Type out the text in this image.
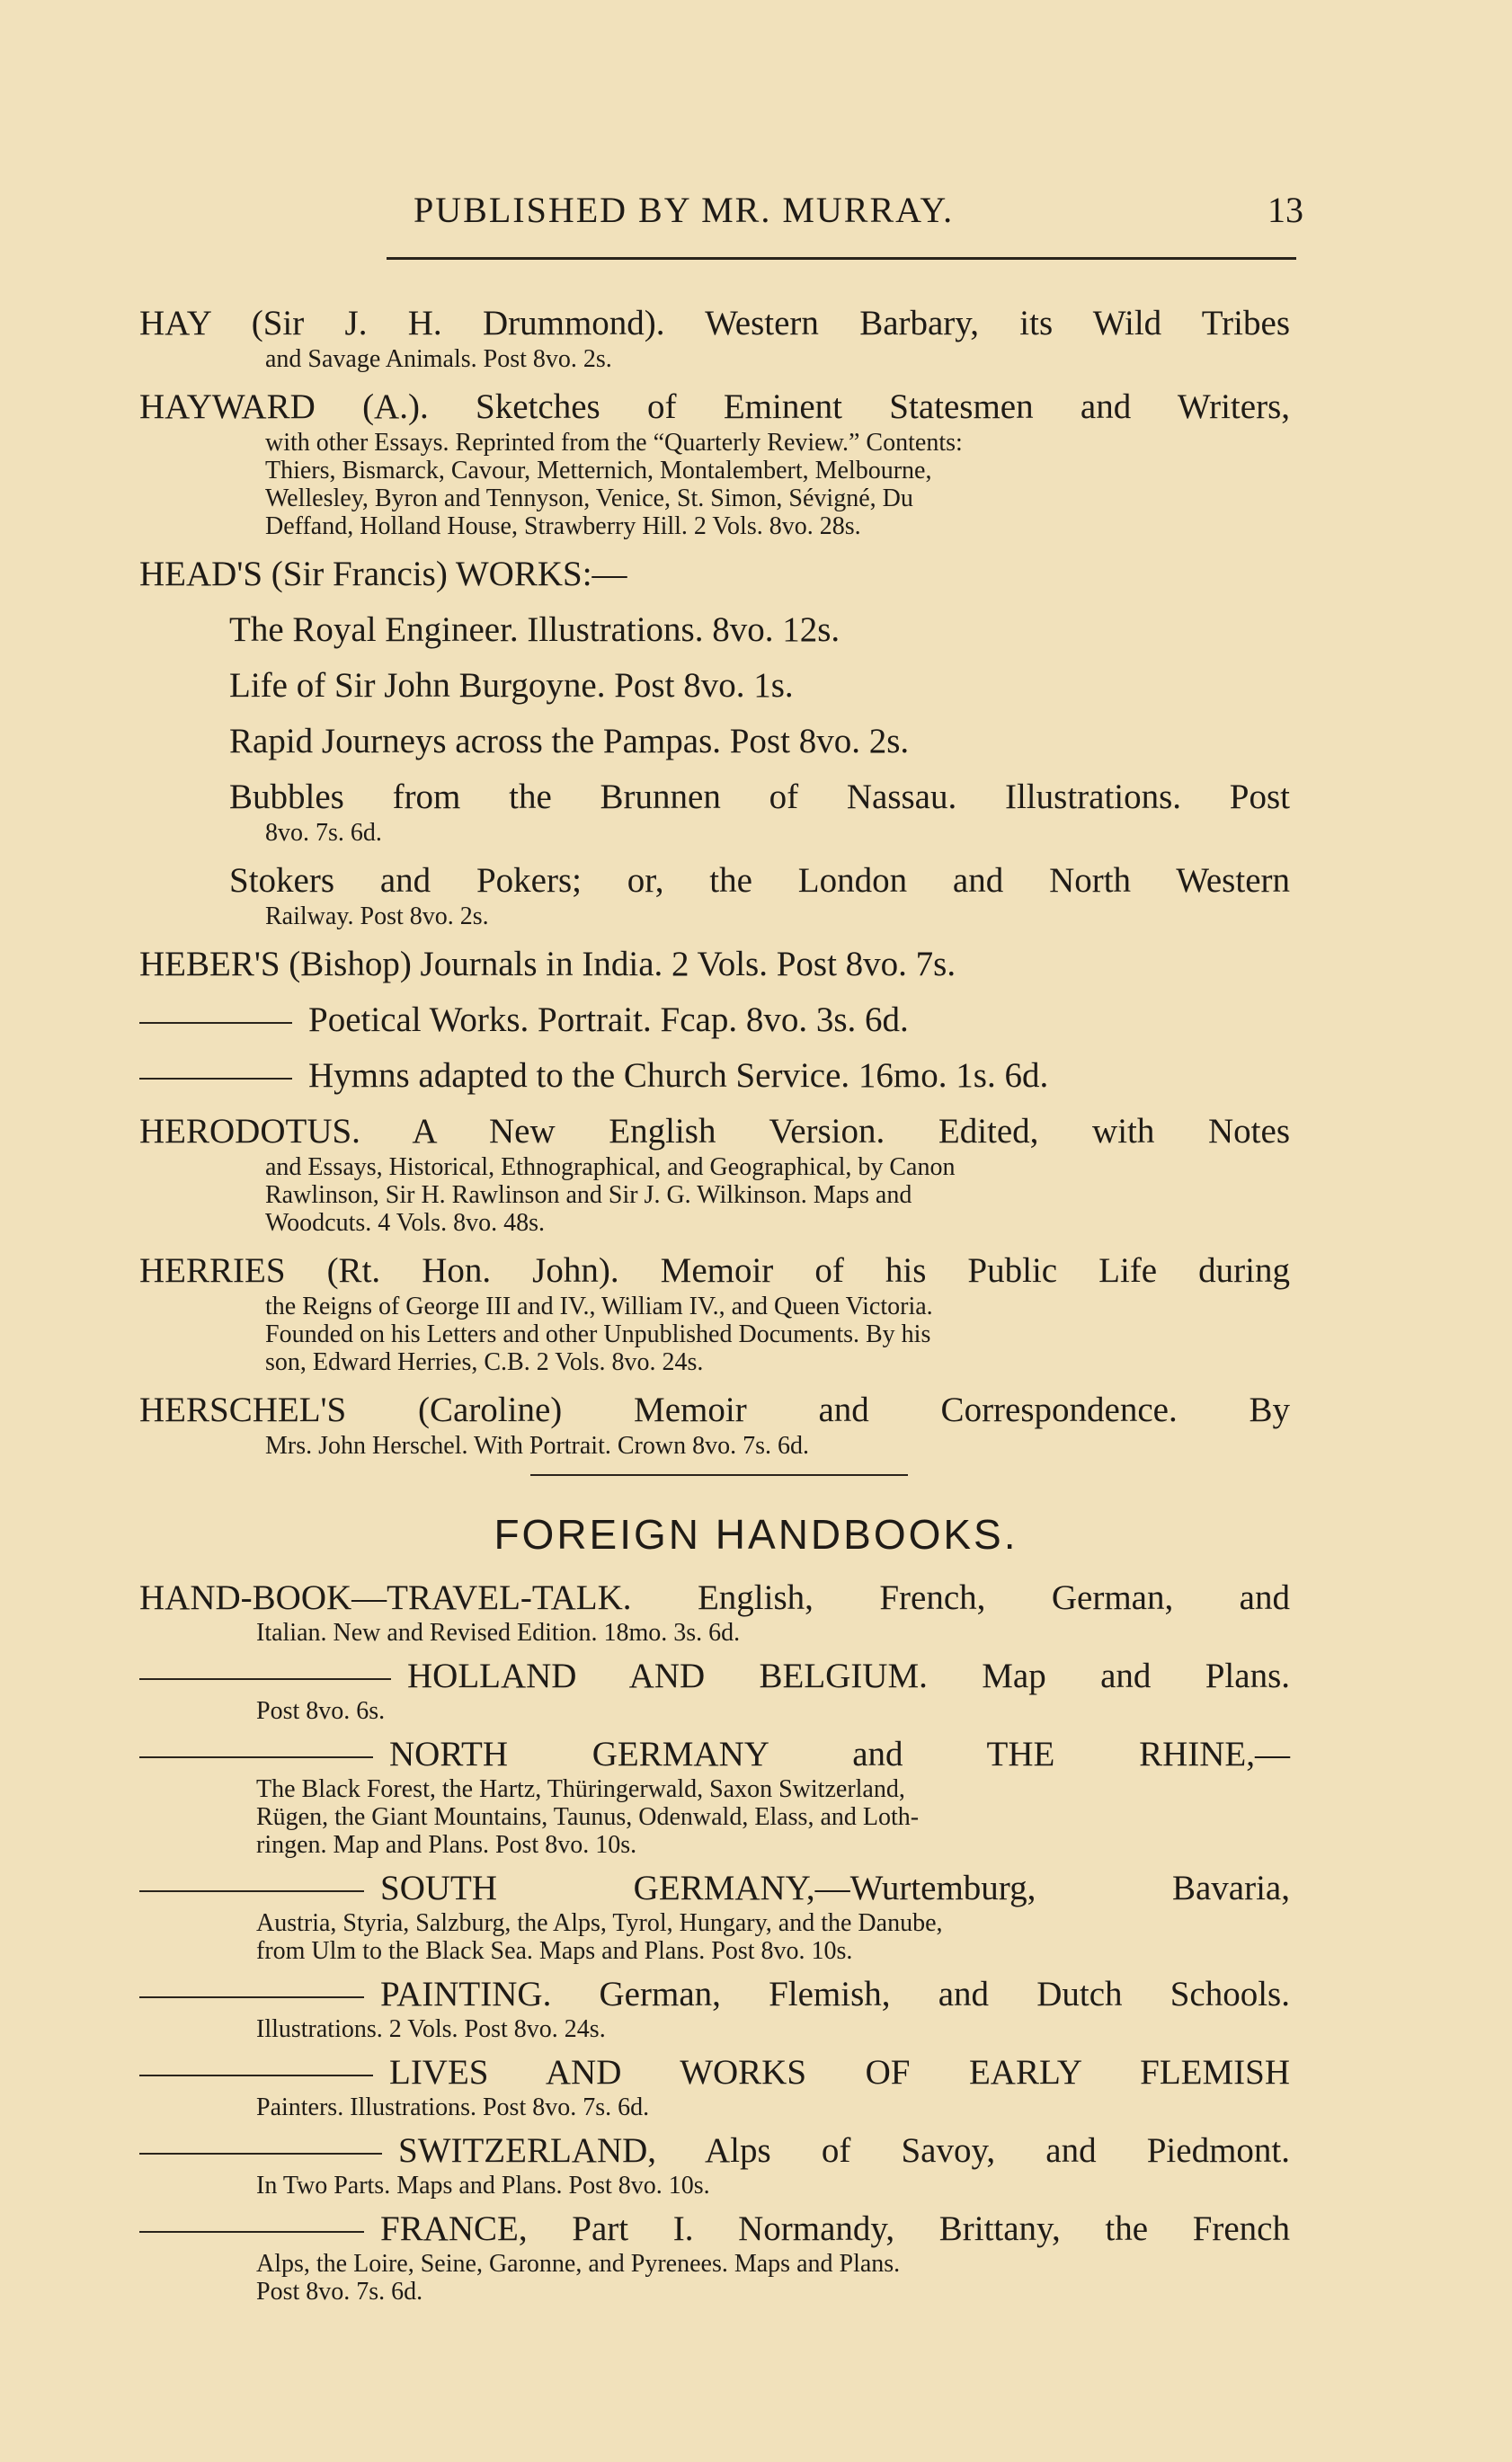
PUBLISHED BY MR. MURRAY.	13
HAY (Sir J. H. Drummond). Western Barbary, its Wild Tribes
and Savage Animals. Post 8vo. 2s.
HAYWARD (A.). Sketches of Eminent Statesmen and Writers,
with other Essays. Reprinted from the “Quarterly Review.” Contents:
Thiers, Bismarck, Cavour, Metternich, Montalembert, Melbourne,
Wellesley, Byron and Tennyson, Venice, St. Simon, Sévigné, Du
Deffand, Holland House, Strawberry Hill. 2 Vols. 8vo. 28s.
HEAD'S (Sir Francis) WORKS:—
The Royal Engineer. Illustrations. 8vo. 12s.
Life of Sir John Burgoyne. Post 8vo. 1s.
Rapid Journeys across the Pampas. Post 8vo. 2s.
Bubbles from the Brunnen of Nassau. Illustrations. Post
8vo. 7s. 6d.
Stokers and Pokers; or, the London and North Western
Railway. Post 8vo. 2s.
HEBER'S (Bishop) Journals in India. 2 Vols. Post 8vo. 7s.
Poetical Works. Portrait. Fcap. 8vo. 3s. 6d.
Hymns adapted to the Church Service. 16mo. 1s. 6d.
HERODOTUS. A New English Version. Edited, with Notes
and Essays, Historical, Ethnographical, and Geographical, by Canon
Rawlinson, Sir H. Rawlinson and Sir J. G. Wilkinson. Maps and
Woodcuts. 4 Vols. 8vo. 48s.
HERRIES (Rt. Hon. John). Memoir of his Public Life during
the Reigns of George III and IV., William IV., and Queen Victoria.
Founded on his Letters and other Unpublished Documents. By his
son, Edward Herries, C.B. 2 Vols. 8vo. 24s.
HERSCHEL'S (Caroline) Memoir and Correspondence. By
Mrs. John Herschel. With Portrait. Crown 8vo. 7s. 6d.
FOREIGN HANDBOOKS.
HAND-BOOK—TRAVEL-TALK. English, French, German, and
Italian. New and Revised Edition. 18mo. 3s. 6d.
HOLLAND AND BELGIUM. Map and Plans.
Post 8vo. 6s.
NORTH GERMANY and THE RHINE,—
The Black Forest, the Hartz, Thüringerwald, Saxon Switzerland,
Rügen, the Giant Mountains, Taunus, Odenwald, Elass, and Loth-
ringen. Map and Plans. Post 8vo. 10s.
SOUTH GERMANY,—Wurtemburg, Bavaria,
Austria, Styria, Salzburg, the Alps, Tyrol, Hungary, and the Danube,
from Ulm to the Black Sea. Maps and Plans. Post 8vo. 10s.
PAINTING. German, Flemish, and Dutch Schools.
Illustrations. 2 Vols. Post 8vo. 24s.
LIVES AND WORKS OF EARLY FLEMISH
Painters. Illustrations. Post 8vo. 7s. 6d.
SWITZERLAND, Alps of Savoy, and Piedmont.
In Two Parts. Maps and Plans. Post 8vo. 10s.
FRANCE, Part I. Normandy, Brittany, the French
Alps, the Loire, Seine, Garonne, and Pyrenees. Maps and Plans.
Post 8vo. 7s. 6d.
